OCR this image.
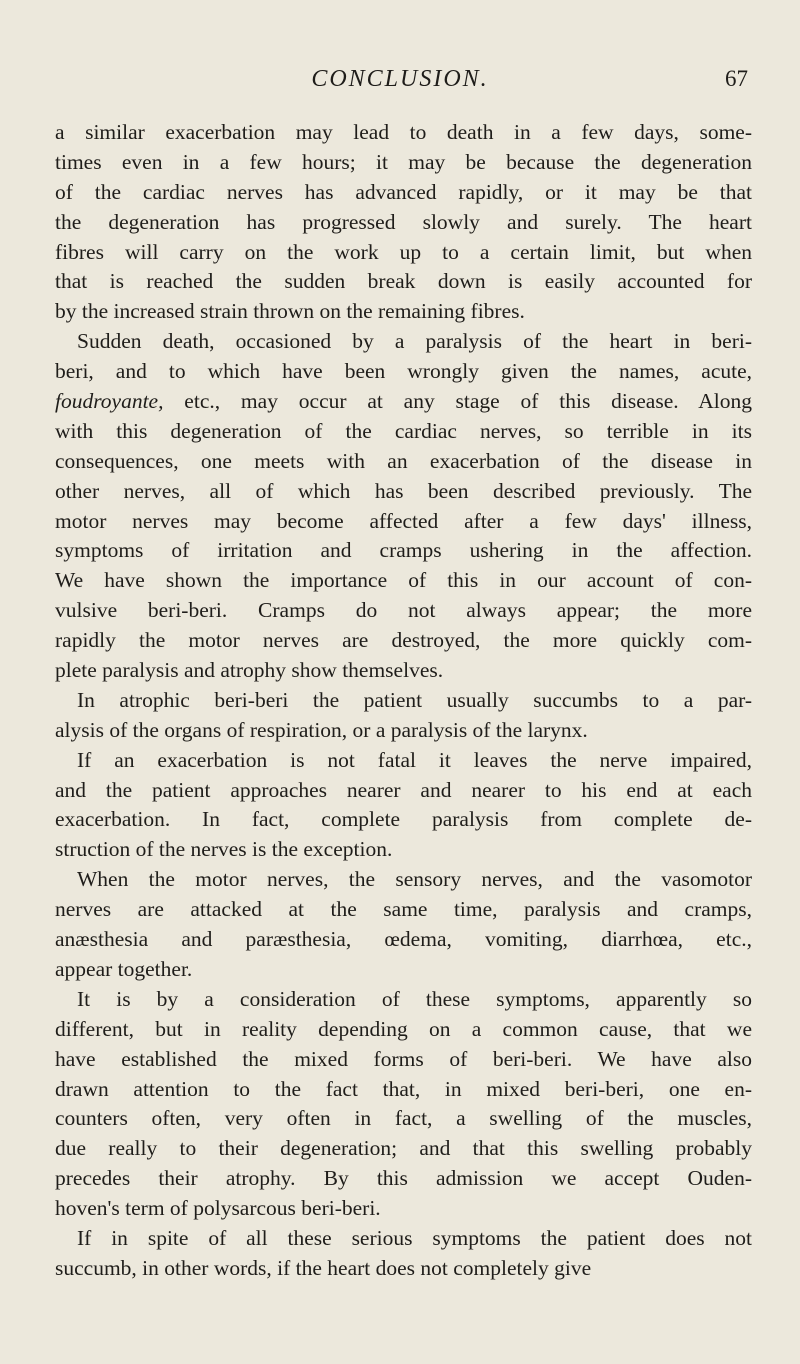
CONCLUSION.	67
a similar exacerbation may lead to death in a few days, some-
times even in a few hours; it may be because the degeneration
of the cardiac nerves has advanced rapidly, or it may be that
the degeneration has progressed slowly and surely. The heart
fibres will carry on the work up to a certain limit, but when
that is reached the sudden break down is easily accounted for
by the increased strain thrown on the remaining fibres.
Sudden death, occasioned by a paralysis of the heart in beri-
beri, and to which have been wrongly given the names, acute,
foudroyante, etc., may occur at any stage of this disease. Along
with this degeneration of the cardiac nerves, so terrible in its
consequences, one meets with an exacerbation of the disease in
other nerves, all of which has been described previously. The
motor nerves may become affected after a few days' illness,
symptoms of irritation and cramps ushering in the affection.
We have shown the importance of this in our account of con-
vulsive beri-beri. Cramps do not always appear; the more
rapidly the motor nerves are destroyed, the more quickly com-
plete paralysis and atrophy show themselves.
In atrophic beri-beri the patient usually succumbs to a par-
alysis of the organs of respiration, or a paralysis of the larynx.
If an exacerbation is not fatal it leaves the nerve impaired,
and the patient approaches nearer and nearer to his end at each
exacerbation. In fact, complete paralysis from complete de-
struction of the nerves is the exception.
When the motor nerves, the sensory nerves, and the vasomotor
nerves are attacked at the same time, paralysis and cramps,
anæsthesia and paræsthesia, œdema, vomiting, diarrhœa, etc.,
appear together.
It is by a consideration of these symptoms, apparently so
different, but in reality depending on a common cause, that we
have established the mixed forms of beri-beri. We have also
drawn attention to the fact that, in mixed beri-beri, one en-
counters often, very often in fact, a swelling of the muscles,
due really to their degeneration; and that this swelling probably
precedes their atrophy. By this admission we accept Ouden-
hoven's term of polysarcous beri-beri.
If in spite of all these serious symptoms the patient does not
succumb, in other words, if the heart does not completely give
